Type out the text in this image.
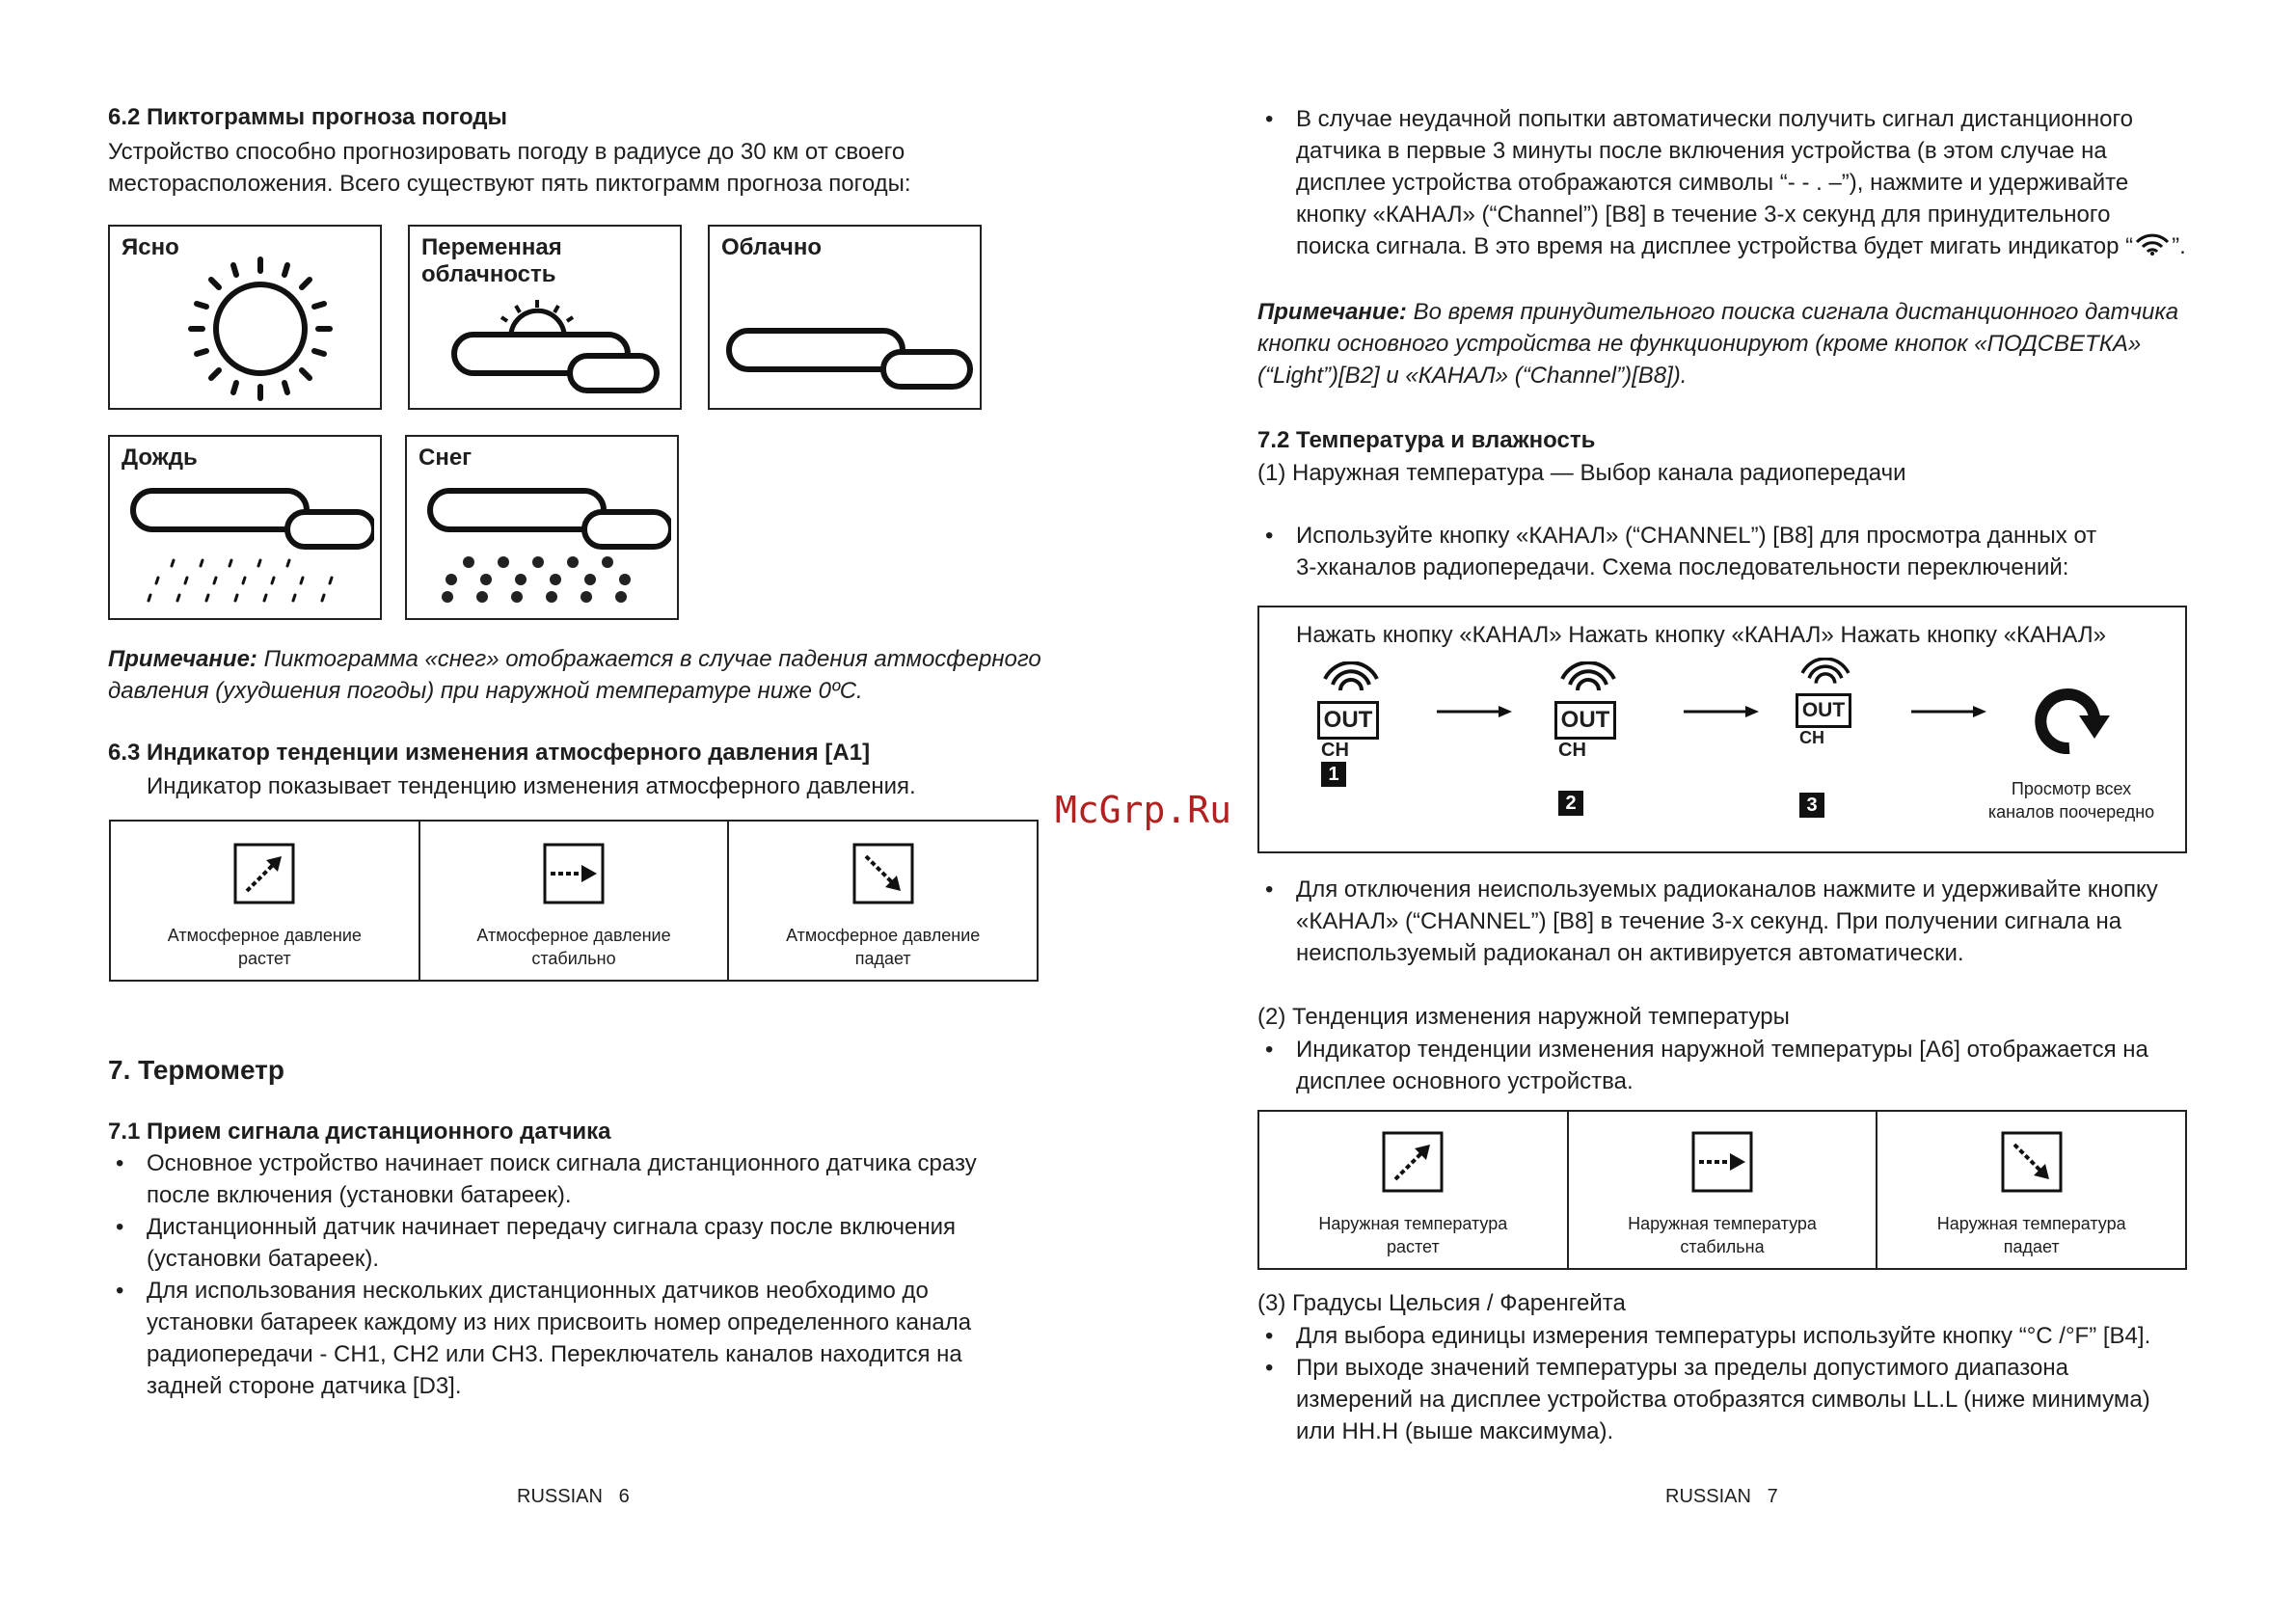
6.2 Пиктограммы прогноза погоды
Устройство способно прогнозировать погоду в радиусе до 30 км от своего
месторасположения. Всего существуют пять пиктограмм прогноза погоды:
Ясно	Переменная
облачность
Облачно
Дождь	Снег
Примечание: Пиктограмма «снег» отображается в случае падения атмосферного
давления (ухудшения погоды) при наружной температуре ниже 0ºC.
6.3 Индикатор тенденции изменения атмосферного давления [A1]
Индикатор показывает тенденцию изменения атмосферного давления.
Атмосферное давление
растет
Атмосферное давление
стабильно
Атмосферное давление
падает
7. Термометр
7.1 Прием сигнала дистанционного датчика
• Основное устройство начинает поиск сигнала дистанционного датчика сразу
после включения (установки батареек).
• Дистанционный датчик начинает передачу сигнала сразу после включения
(установки батареек).
• Для использования нескольких дистанционных датчиков необходимо до
установки батареек каждому из них присвоить номер определенного канала
радиопередачи - CH1, CH2 или CH3. Переключатель каналов находится на
задней стороне датчика [D3].
RUSSIAN   6
McGrp.Ru
• В случае неудачной попытки автоматически получить сигнал дистанционного
датчика в первые 3 минуты после включения устройства (в этом случае на
дисплее устройства отображаются символы “- - . –”), нажмите и удерживайте
кнопку «КАНАЛ» (“Channel”) [B8] в течение 3-х секунд для принудительного
поиска сигнала. В это время на дисплее устройства будет мигать индикатор “ ”.
Примечание: Во время принудительного поиска сигнала дистанционного датчика
кнопки основного устройства не функционируют (кроме кнопок «ПОДСВЕТКА»
(“Light”)[B2] и «КАНАЛ» (“Channel”)[B8]).
7.2 Температура и влажность
(1) Наружная температура — Выбор канала радиопередачи
• Используйте кнопку «КАНАЛ» (“CHANNEL”) [B8] для просмотра данных от
3-хканалов радиопередачи. Схема последовательности переключений:
Нажать кнопку «КАНАЛ» Нажать кнопку «КАНАЛ» Нажать кнопку «КАНАЛ»
OUT
CH
1
OUT
CH
2
OUT
CH
3
Просмотр всех
каналов поочередно
• Для отключения неиспользуемых радиоканалов нажмите и удерживайте кнопку
«КАНАЛ» (“CHANNEL”) [B8] в течение 3-х секунд. При получении сигнала на
неиспользуемый радиоканал он активируется автоматически.
(2) Тенденция изменения наружной температуры
• Индикатор тенденции изменения наружной температуры [A6] отображается на
дисплее основного устройства.
Наружная температура
растет
Наружная температура
стабильна
Наружная температура
падает
(3) Градусы Цельсия / Фаренгейта
• Для выбора единицы измерения температуры используйте кнопку “°C /°F” [B4].
• При выходе значений температуры за пределы допустимого диапазона
измерений на дисплее устройства отобразятся символы LL.L (ниже минимума)
или HH.H (выше максимума).
RUSSIAN   7
